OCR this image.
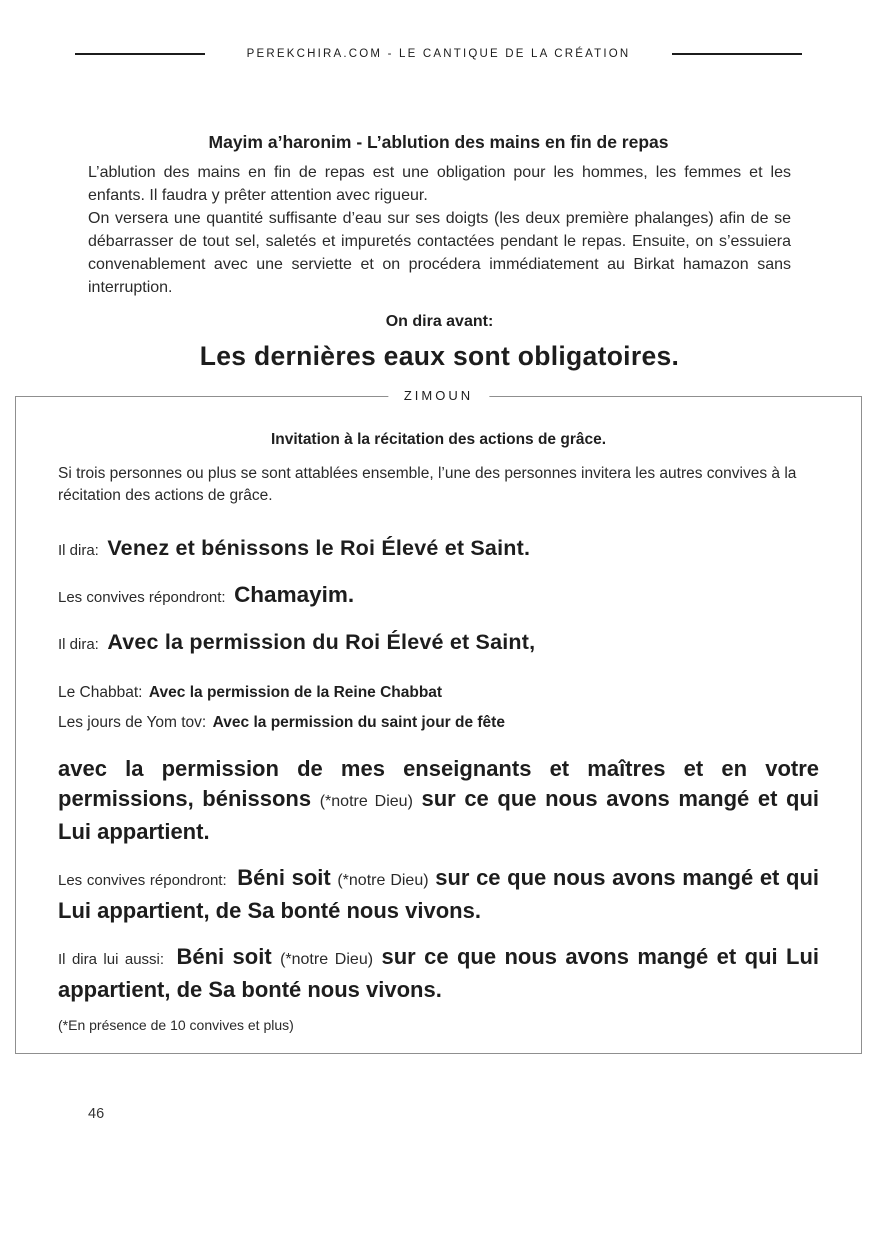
PEREKCHIRA.COM - LE CANTIQUE DE LA CRÉATION
Mayim a’haronim - L’ablution des mains en fin de repas

L’ablution des mains en fin de repas est une obligation pour les hommes, les femmes et les enfants. Il faudra y prêter attention avec rigueur.

On versera une quantité suffisante d’eau sur ses doigts (les deux première phalanges) afin de se débarrasser de tout sel, saletés et impuretés contactées pendant le repas. Ensuite, on s’essuiera convenablement avec une serviette et on procédera immédiatement au Birkat hamazon sans interruption.

On dira avant:

Les dernières eaux sont obligatoires.

ZIMOUN
Invitation à la récitation des actions de grâce.

Si trois personnes ou plus se sont attablées ensemble, l’une des personnes invitera les autres convives à la récitation des actions de grâce.

Il dira: Venez et bénissons le Roi Élevé et Saint.

Les convives répondront: Chamayim.

Il dira: Avec la permission du Roi Élevé et Saint,

Le Chabbat: Avec la permission de la Reine Chabbat

Les jours de Yom tov: Avec la permission du saint jour de fête

avec la permission de mes enseignants et maîtres et en votre permissions, bénissons (*notre Dieu) sur ce que nous avons mangé et qui Lui appartient.

Les convives répondront: Béni soit (*notre Dieu) sur ce que nous avons mangé et qui Lui appartient, de Sa bonté nous vivons.

Il dira lui aussi: Béni soit (*notre Dieu) sur ce que nous avons mangé et qui Lui appartient, de Sa bonté nous vivons.

(*En présence de 10 convives et plus)

46
